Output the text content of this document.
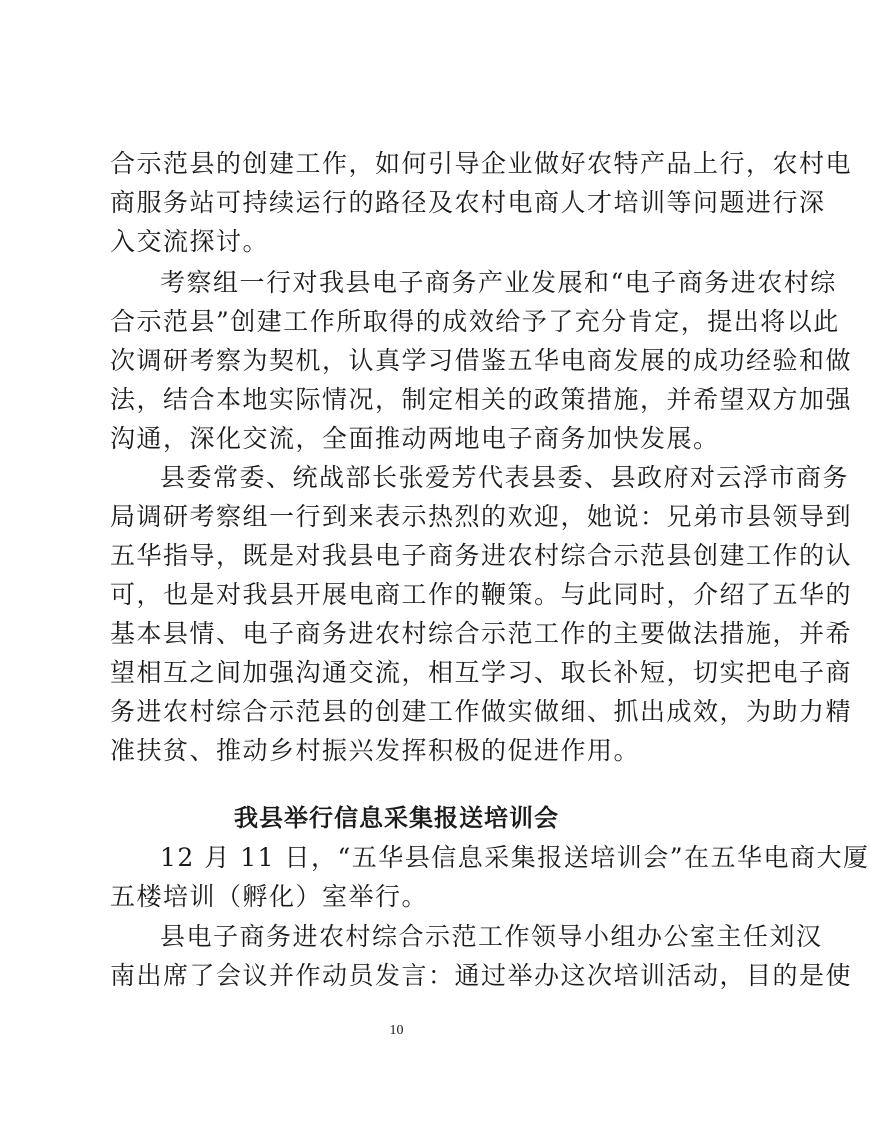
合示范县的创建工作，如何引导企业做好农特产品上行，农村电
商服务站可持续运行的路径及农村电商人才培训等问题进行深
入交流探讨。
考察组一行对我县电子商务产业发展和“电子商务进农村综
合示范县”创建工作所取得的成效给予了充分肯定，提出将以此
次调研考察为契机，认真学习借鉴五华电商发展的成功经验和做
法，结合本地实际情况，制定相关的政策措施，并希望双方加强
沟通，深化交流，全面推动两地电子商务加快发展。
县委常委、统战部长张爱芳代表县委、县政府对云浮市商务
局调研考察组一行到来表示热烈的欢迎，她说：兄弟市县领导到
五华指导，既是对我县电子商务进农村综合示范县创建工作的认
可，也是对我县开展电商工作的鞭策。与此同时，介绍了五华的
基本县情、电子商务进农村综合示范工作的主要做法措施，并希
望相互之间加强沟通交流，相互学习、取长补短，切实把电子商
务进农村综合示范县的创建工作做实做细、抓出成效，为助力精
准扶贫、推动乡村振兴发挥积极的促进作用。
我县举行信息采集报送培训会
12 月 11 日，“五华县信息采集报送培训会”在五华电商大厦
五楼培训（孵化）室举行。
县电子商务进农村综合示范工作领导小组办公室主任刘汉
南出席了会议并作动员发言：通过举办这次培训活动，目的是使
10
